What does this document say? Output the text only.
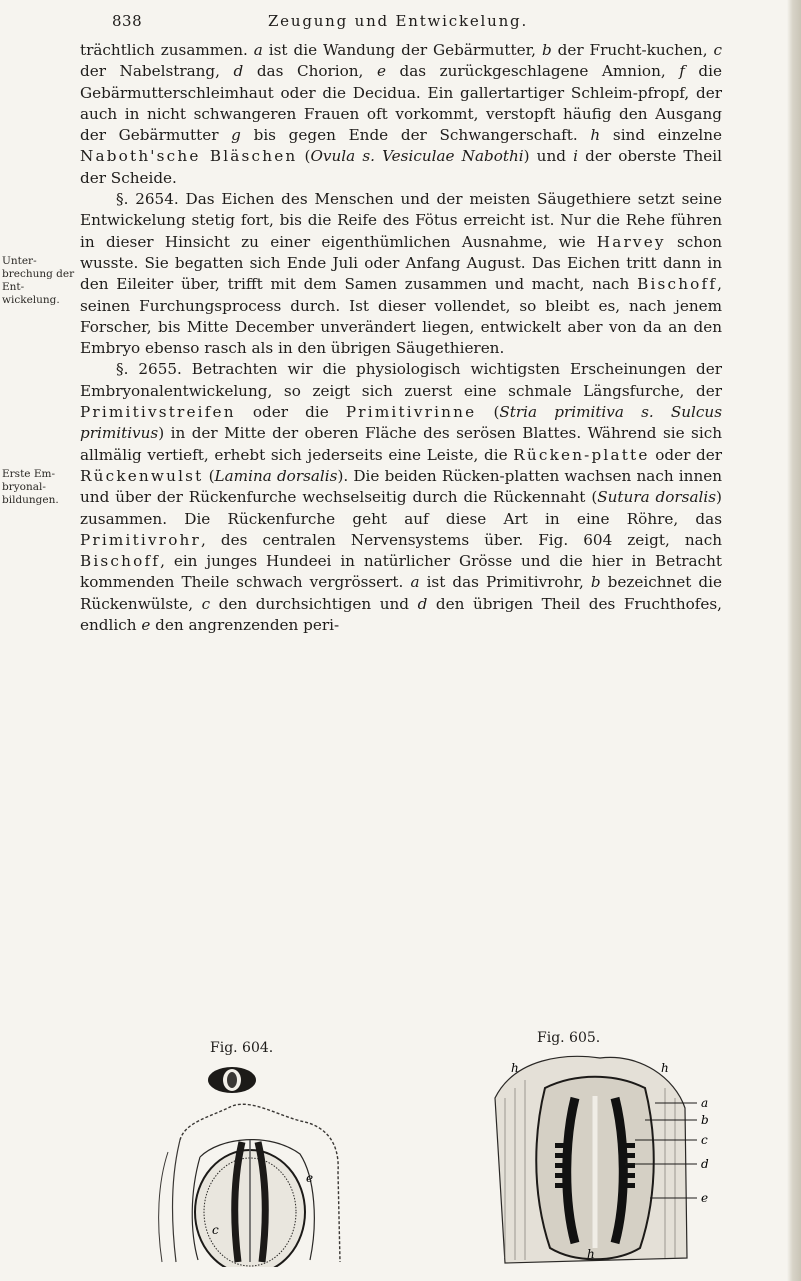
838	Zeugung und Entwickelung.
Unter-brechung der Ent-wickelung.
Erste Em-bryonal-bildungen.

trächtlich zusammen. a ist die Wandung der Gebärmutter, b der Frucht-kuchen, c der Nabelstrang, d das Chorion, e das zurückgeschlagene Amnion, f die Gebärmutterschleimhaut oder die Decidua. Ein gallertartiger Schleim-pfropf, der auch in nicht schwangeren Frauen oft vorkommt, verstopft häufig den Ausgang der Gebärmutter g bis gegen Ende der Schwangerschaft. h sind einzelne Naboth'sche Bläschen (Ovula s. Vesiculae Nabothi) und i der oberste Theil der Scheide.

§. 2654. Das Eichen des Menschen und der meisten Säugethiere setzt seine Entwickelung stetig fort, bis die Reife des Fötus erreicht ist. Nur die Rehe führen in dieser Hinsicht zu einer eigenthümlichen Ausnahme, wie Harvey schon wusste. Sie begatten sich Ende Juli oder Anfang August. Das Eichen tritt dann in den Eileiter über, trifft mit dem Samen zusammen und macht, nach Bischoff, seinen Furchungsprocess durch. Ist dieser vollendet, so bleibt es, nach jenem Forscher, bis Mitte December unverändert liegen, entwickelt aber von da an den Embryo ebenso rasch als in den übrigen Säugethieren.

§. 2655. Betrachten wir die physiologisch wichtigsten Erscheinungen der Embryonalentwickelung, so zeigt sich zuerst eine schmale Längsfurche, der Primitivstreifen oder die Primitivrinne (Stria primitiva s. Sulcus primitivus) in der Mitte der oberen Fläche des serösen Blattes. Während sie sich allmälig vertieft, erhebt sich jederseits eine Leiste, die Rücken-platte oder der Rückenwulst (Lamina dorsalis). Die beiden Rücken-platten wachsen nach innen und über der Rückenfurche wechselseitig durch die Rückennaht (Sutura dorsalis) zusammen. Die Rückenfurche geht auf diese Art in eine Röhre, das Primitivrohr, des centralen Nervensystems über. Fig. 604 zeigt, nach Bischoff, ein junges Hundeei in natürlicher Grösse und die hier in Betracht kommenden Theile schwach vergrössert. a ist das Primitivrohr, b bezeichnet die Rückenwülste, c den durchsichtigen und d den übrigen Theil des Fruchthofes, endlich e den angrenzenden peri-

Fig. 604.
Fig. 605.
e
c
h	h
h
a
b
c
d
e
